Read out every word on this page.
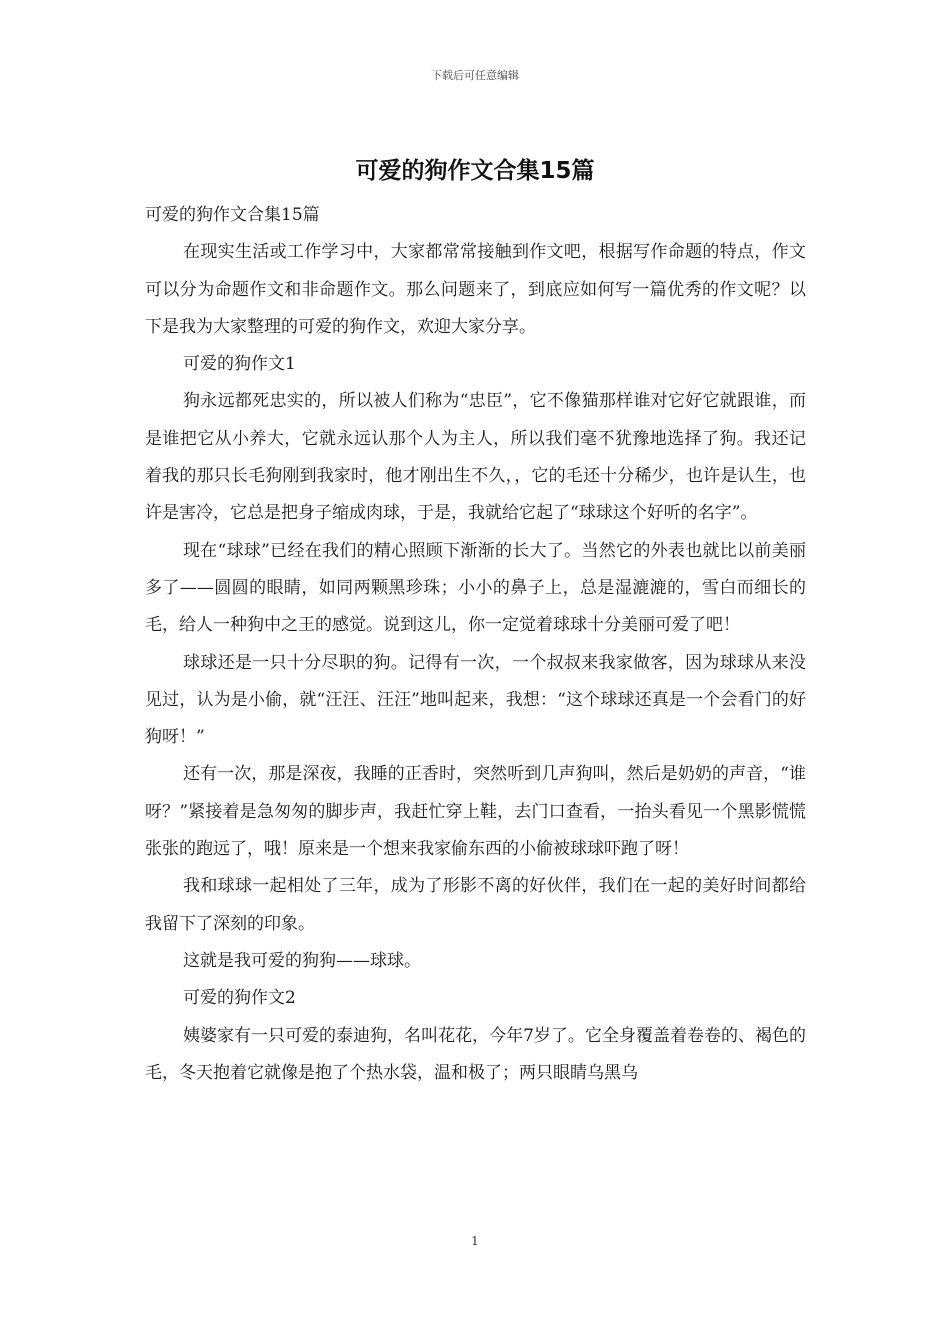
下载后可任意编辑
可爱的狗作文合集15篇

可爱的狗作文合集15篇

在现实生活或工作学习中，大家都常常接触到作文吧，根据写作命题的特点，作文可以分为命题作文和非命题作文。那么问题来了，到底应如何写一篇优秀的作文呢？以下是我为大家整理的可爱的狗作文，欢迎大家分享。

可爱的狗作文1

狗永远都死忠实的，所以被人们称为“忠臣”，它不像猫那样谁对它好它就跟谁，而是谁把它从小养大，它就永远认那个人为主人，所以我们毫不犹豫地选择了狗。我还记着我的那只长毛狗刚到我家时，他才刚出生不久，，它的毛还十分稀少，也许是认生，也许是害冷，它总是把身子缩成肉球，于是，我就给它起了“球球这个好听的名字”。

现在“球球”已经在我们的精心照顾下渐渐的长大了。当然它的外表也就比以前美丽多了——圆圆的眼睛，如同两颗黑珍珠；小小的鼻子上，总是湿漉漉的，雪白而细长的毛，给人一种狗中之王的感觉。说到这儿，你一定觉着球球十分美丽可爱了吧！

球球还是一只十分尽职的狗。记得有一次，一个叔叔来我家做客，因为球球从来没见过，认为是小偷，就“汪汪、汪汪”地叫起来，我想：“这个球球还真是一个会看门的好狗呀！”

还有一次，那是深夜，我睡的正香时，突然听到几声狗叫，然后是奶奶的声音，“谁呀？”紧接着是急匆匆的脚步声，我赶忙穿上鞋，去门口查看，一抬头看见一个黑影慌慌张张的跑远了，哦！原来是一个想来我家偷东西的小偷被球球吓跑了呀！

我和球球一起相处了三年，成为了形影不离的好伙伴，我们在一起的美好时间都给我留下了深刻的印象。

这就是我可爱的狗狗——球球。

可爱的狗作文2

姨婆家有一只可爱的泰迪狗，名叫花花，今年7岁了。它全身覆盖着卷卷的、褐色的毛，冬天抱着它就像是抱了个热水袋，温和极了；两只眼睛乌黑乌

1
